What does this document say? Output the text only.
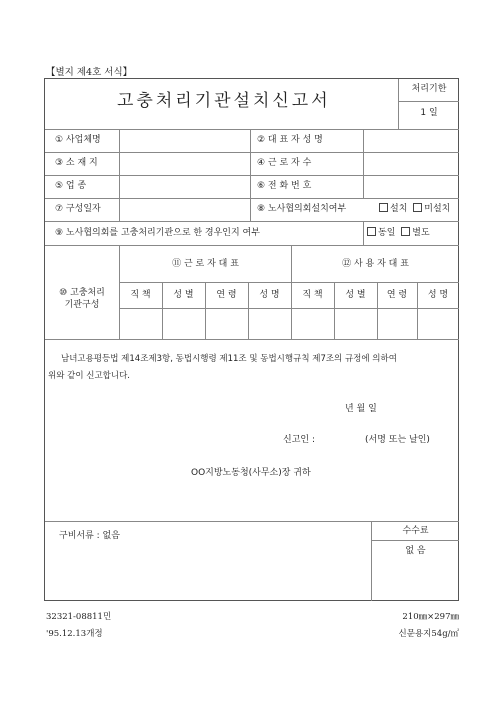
【별지 제4호 서식】
고충처리기관설치신고서
처리기한
1 일
① 사업체명	② 대 표 자 성 명
③ 소 재 지	④ 근 로 자 수
⑤ 업 종	⑥ 전 화 번 호
⑦ 구성일자	⑧ 노사협의회설치여부	설치 미설치
⑨ 노사협의회를 고충처리기관으로 한 경우인지 여부	동일 별도
⑩ 고충처리
기관구성
⑪ 근 로 자 대 표	⑫ 사 용 자 대 표
직 책	성 별	연 령	성 명	직 책	성 별	연 령	성 명
남녀고용평등법 제14조제3항, 동법시행령 제11조 및 동법시행규칙 제7조의 규정에 의하여
위와 같이 신고합니다.
년 월 일
신고인 :	(서명 또는 날인)
OO지방노동청(사무소)장 귀하
구비서류 : 없음	수수료
없 음
32321-08811민
'95.12.13개정
210㎜×297㎜
신문용지54g/㎡
